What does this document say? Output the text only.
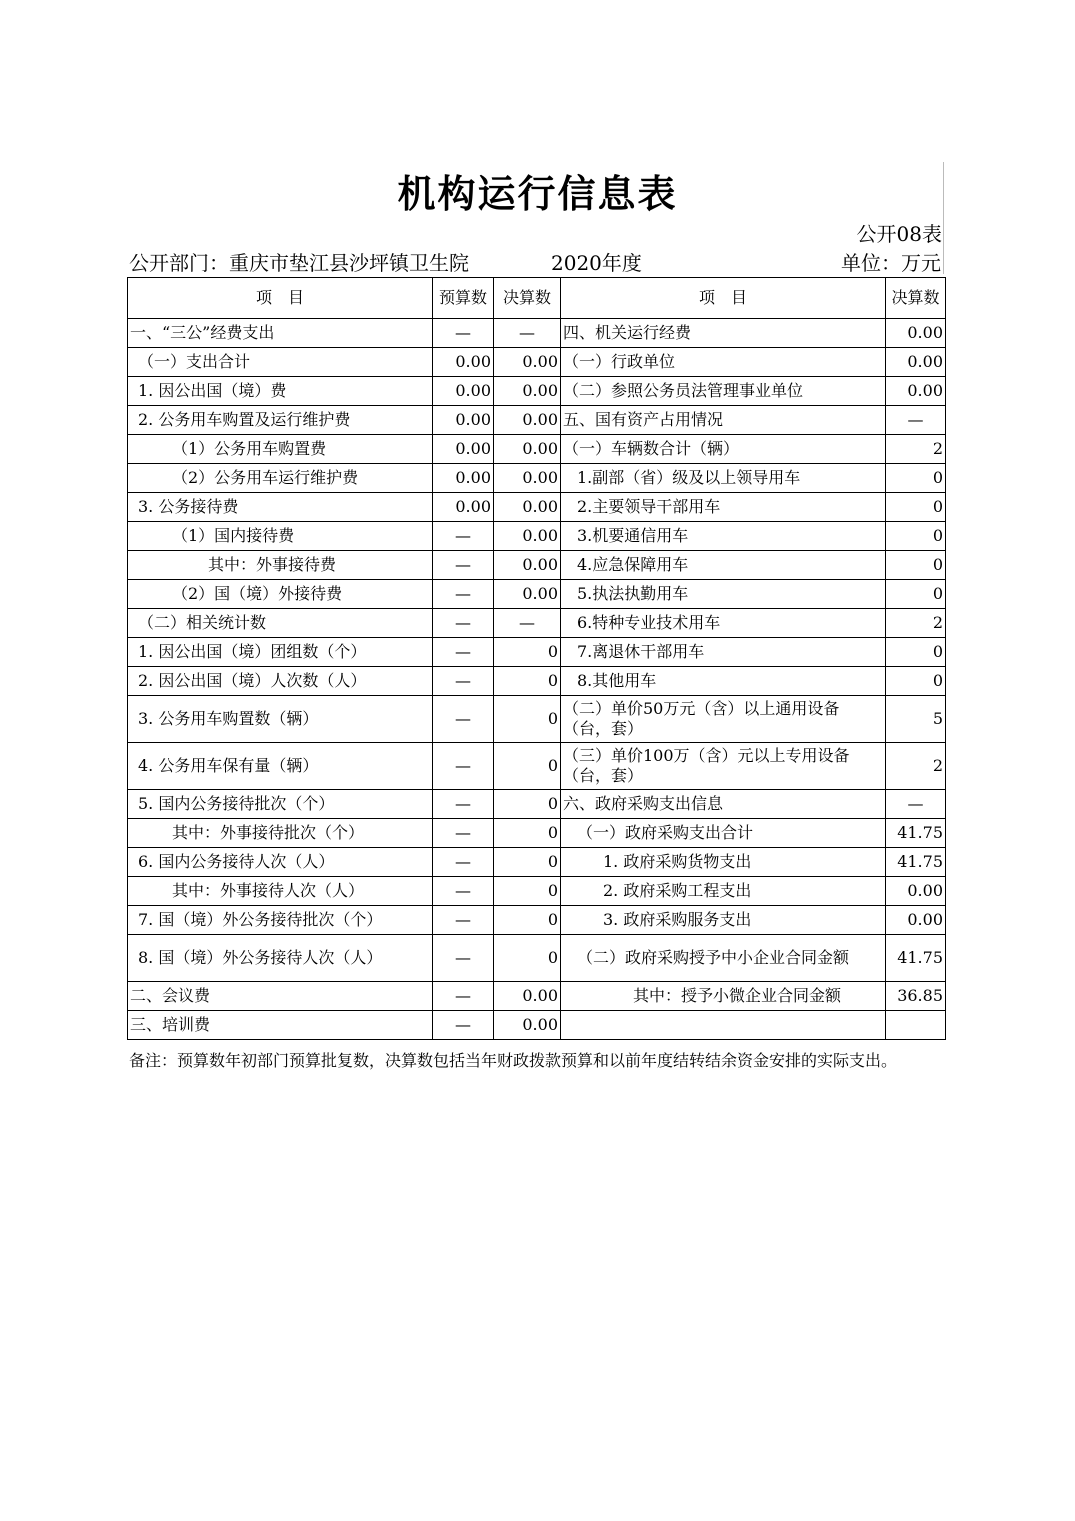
机构运行信息表
公开08表
公开部门：重庆市垫江县沙坪镇卫生院	2020年度	单位：万元
项　目	预算数	决算数	项　目	决算数
一、“三公”经费支出	—	—	四、机关运行经费	0.00
（一）支出合计	0.00	0.00	（一）行政单位	0.00
1. 因公出国（境）费	0.00	0.00	（二）参照公务员法管理事业单位	0.00
2. 公务用车购置及运行维护费	0.00	0.00	五、国有资产占用情况	—
（1）公务用车购置费	0.00	0.00	（一）车辆数合计（辆）	2
（2）公务用车运行维护费	0.00	0.00	1.副部（省）级及以上领导用车	0
3. 公务接待费	0.00	0.00	2.主要领导干部用车	0
（1）国内接待费	—	0.00	3.机要通信用车	0
其中：外事接待费	—	0.00	4.应急保障用车	0
（2）国（境）外接待费	—	0.00	5.执法执勤用车	0
（二）相关统计数	—	—	6.特种专业技术用车	2
1. 因公出国（境）团组数（个）	—	0	7.离退休干部用车	0
2. 因公出国（境）人次数（人）	—	0	8.其他用车	0
3. 公务用车购置数（辆）	—	0	（二）单价50万元（含）以上通用设备（台，套）	5
4. 公务用车保有量（辆）	—	0	（三）单价100万（含）元以上专用设备（台，套）	2
5. 国内公务接待批次（个）	—	0	六、政府采购支出信息	—
其中：外事接待批次（个）	—	0	（一）政府采购支出合计	41.75
6. 国内公务接待人次（人）	—	0	1. 政府采购货物支出	41.75
其中：外事接待人次（人）	—	0	2. 政府采购工程支出	0.00
7. 国（境）外公务接待批次（个）	—	0	3. 政府采购服务支出	0.00
8. 国（境）外公务接待人次（人）	—	0	（二）政府采购授予中小企业合同金额	41.75
二、会议费	—	0.00	其中：授予小微企业合同金额	36.85
三、培训费	—	0.00		
备注：预算数年初部门预算批复数，决算数包括当年财政拨款预算和以前年度结转结余资金安排的实际支出。
